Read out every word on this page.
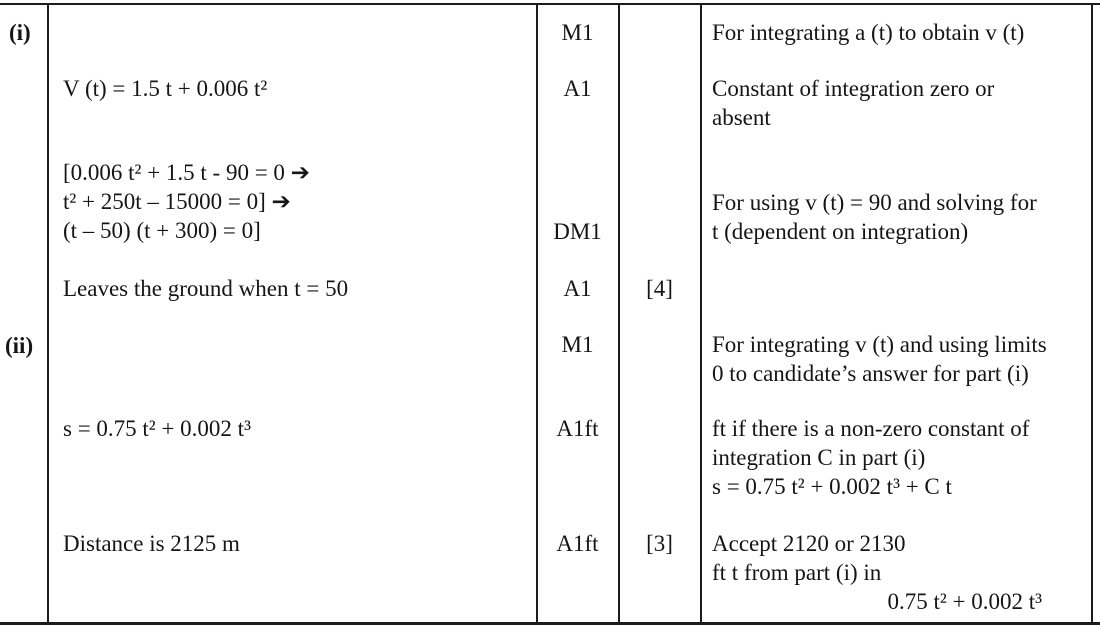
(i)	M1	For integrating a (t) to obtain v (t)
V (t) = 1.5 t + 0.006 t²	A1	Constant of integration zero or
absent
[0.006 t² + 1.5 t - 90 = 0 ➔
t² + 250t – 15000 = 0] ➔
(t – 50) (t + 300) = 0]	DM1
For using v (t) = 90 and solving for
t (dependent on integration)
Leaves the ground when t = 50	A1	[4]
(ii)	M1	For integrating v (t) and using limits
0 to candidate’s answer for part (i)
s = 0.75 t² + 0.002 t³	A1ft	ft if there is a non-zero constant of
integration C in part (i)
s = 0.75 t² + 0.002 t³ + C t
Distance is 2125 m	A1ft	[3]	Accept 2120 or 2130
ft t from part (i) in
0.75 t² + 0.002 t³
